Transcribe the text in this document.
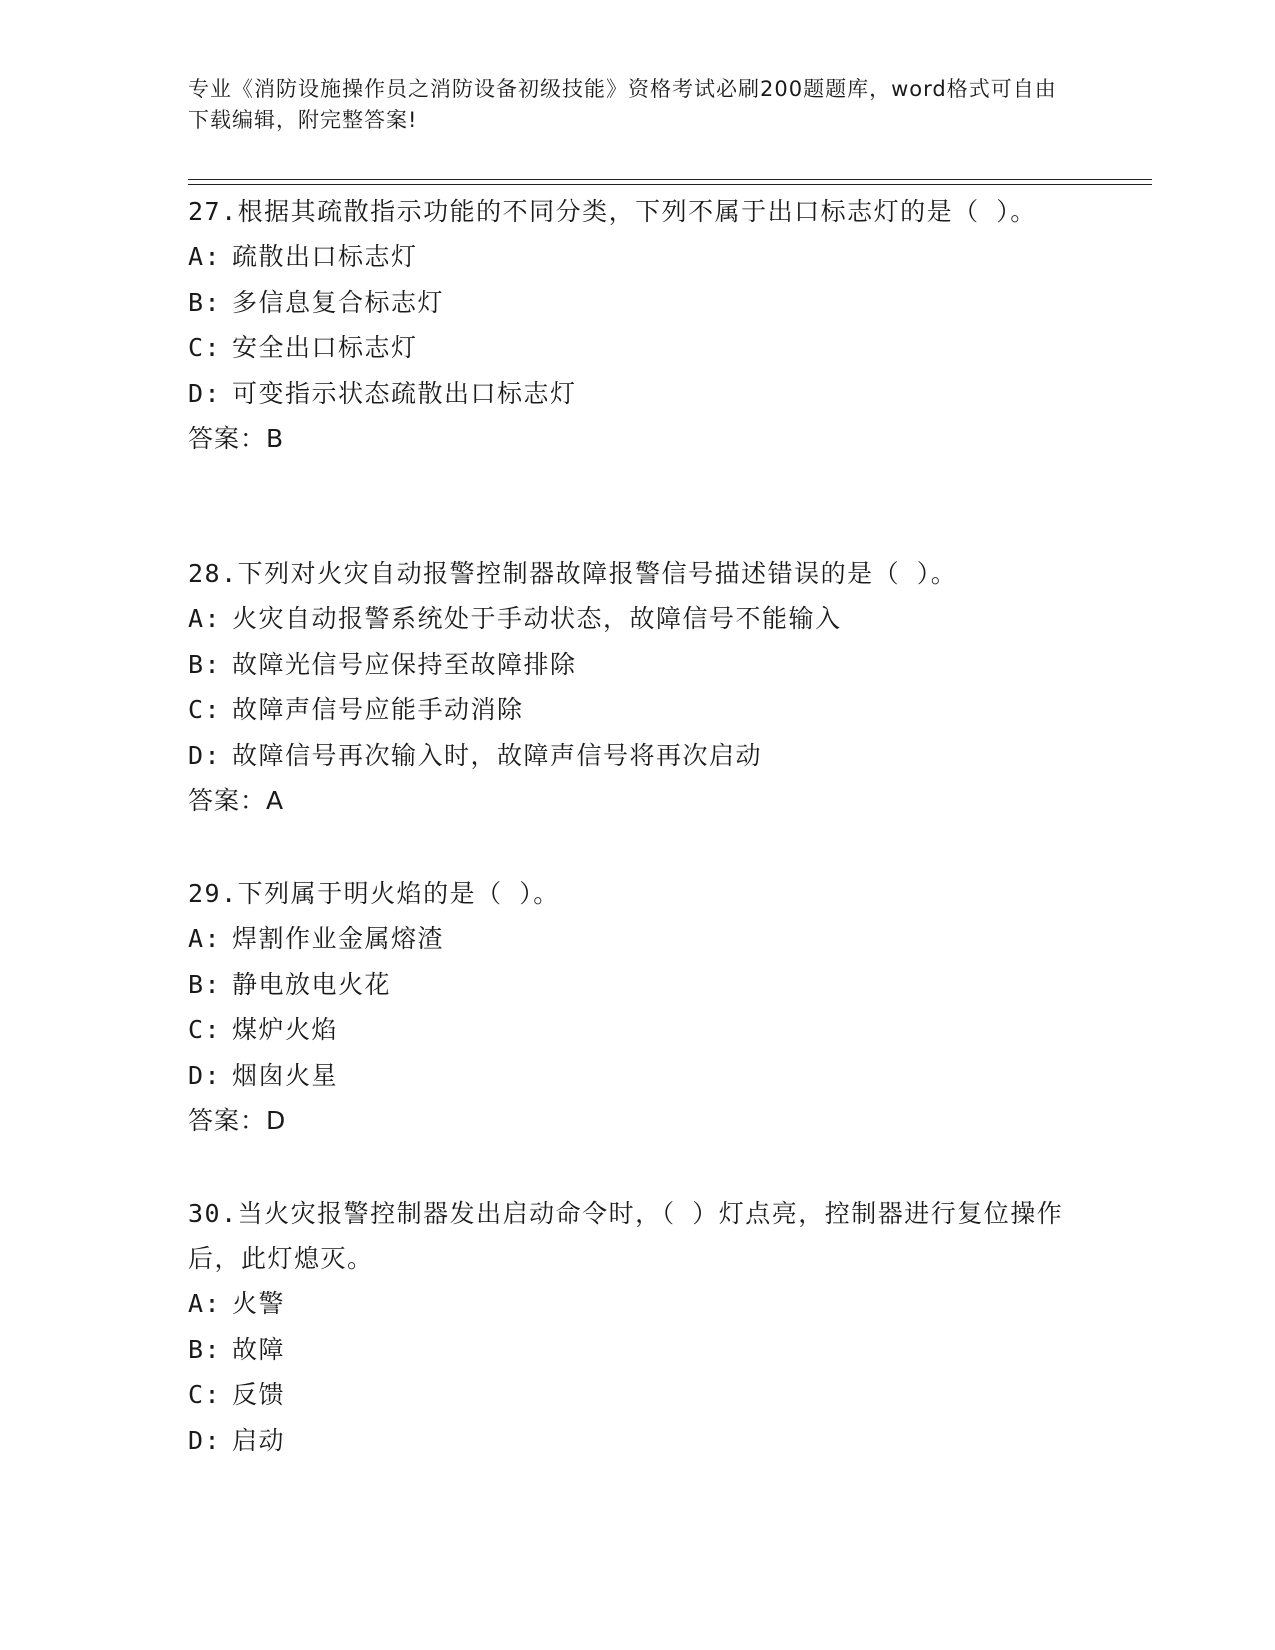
专业《消防设施操作员之消防设备初级技能》资格考试必刷200题题库，word格式可自由下载编辑，附完整答案!

27.根据其疏散指示功能的不同分类，下列不属于出口标志灯的是（ ）。

A: 疏散出口标志灯

B: 多信息复合标志灯

C: 安全出口标志灯

D: 可变指示状态疏散出口标志灯

答案：B

28.下列对火灾自动报警控制器故障报警信号描述错误的是（ ）。

A: 火灾自动报警系统处于手动状态，故障信号不能输入

B: 故障光信号应保持至故障排除

C: 故障声信号应能手动消除

D: 故障信号再次输入时，故障声信号将再次启动

答案：A

29.下列属于明火焰的是（ ）。

A: 焊割作业金属熔渣

B: 静电放电火花

C: 煤炉火焰

D: 烟囱火星

答案：D

30.当火灾报警控制器发出启动命令时，（ ）灯点亮，控制器进行复位操作后，此灯熄灭。

A: 火警

B: 故障

C: 反馈

D: 启动
